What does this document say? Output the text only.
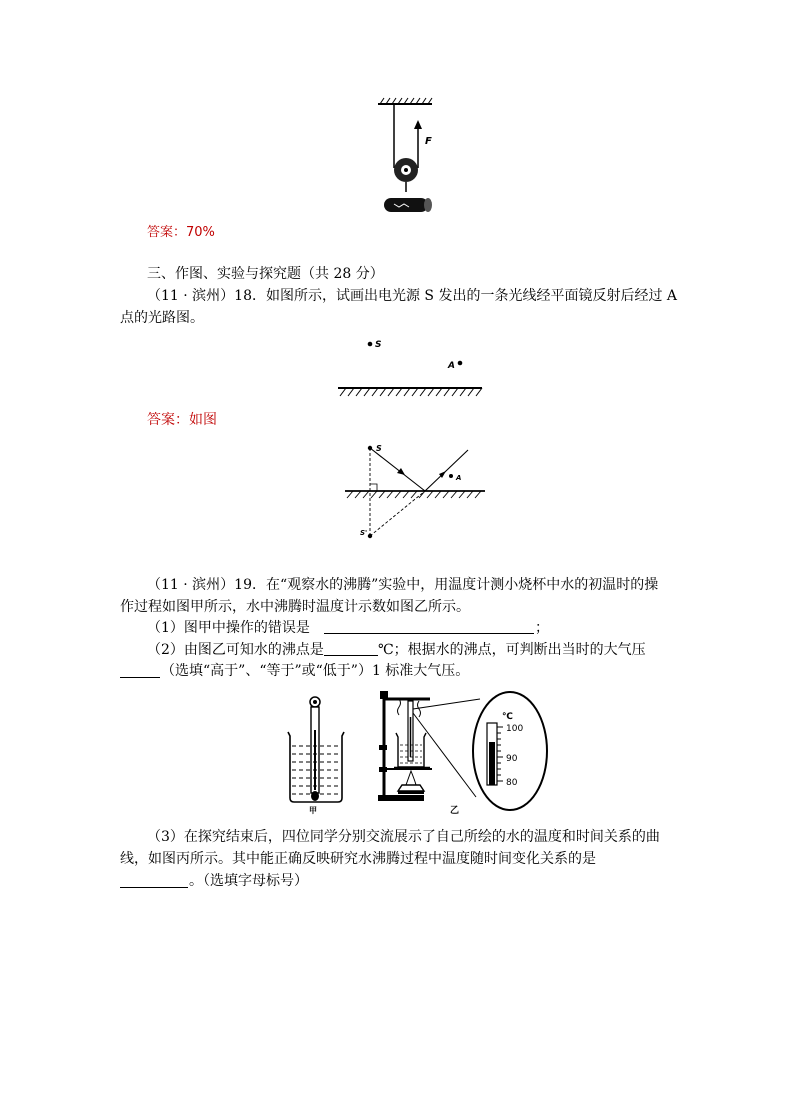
F
答案：70%
三、作图、实验与探究题（共 28 分）
（11 · 滨州）18．如图所示，试画出电光源 S 发出的一条光线经平面镜反射后经过 A
点的光路图。
S
A
答案：如图
S
A
S'
（11 · 滨州）19．在“观察水的沸腾”实验中，用温度计测小烧杯中水的初温时的操
作过程如图甲所示，水中沸腾时温度计示数如图乙所示。
（1）图甲中操作的错误是	；
（2）由图乙可知水的沸点是	℃；根据水的沸点，可判断出当时的大气压
（选填“高于”、“等于”或“低于”）1 标准大气压。
甲	乙
℃
100
90
80
（3）在探究结束后，四位同学分别交流展示了自己所绘的水的温度和时间关系的曲
线，如图丙所示。其中能正确反映研究水沸腾过程中温度随时间变化关系的是
。（选填字母标号）
